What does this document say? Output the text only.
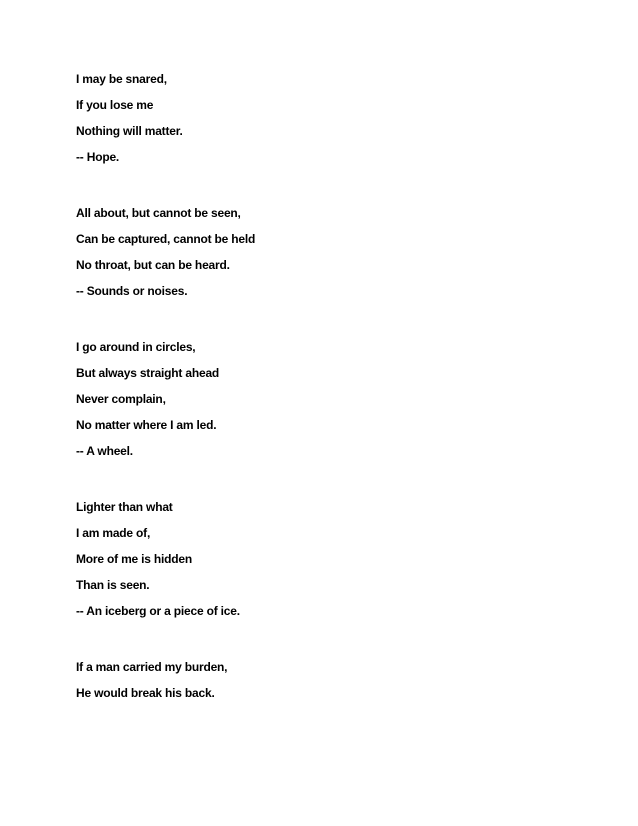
I may be snared,
If you lose me
Nothing will matter.
-- Hope.
All about, but cannot be seen,
Can be captured, cannot be held
No throat, but can be heard.
-- Sounds or noises.
I go around in circles,
But always straight ahead
Never complain,
No matter where I am led.
-- A wheel.
Lighter than what
I am made of,
More of me is hidden
Than is seen.
-- An iceberg or a piece of ice.
If a man carried my burden,
He would break his back.
